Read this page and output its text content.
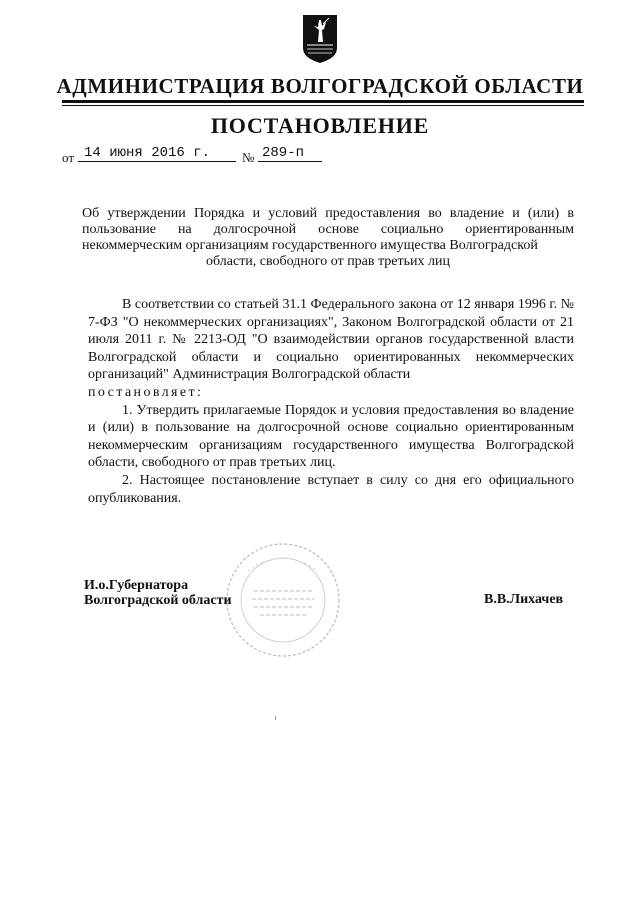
АДМИНИСТРАЦИЯ ВОЛГОГРАДСКОЙ ОБЛАСТИ
ПОСТАНОВЛЕНИЕ
от 14 июня 2016 г.	№ 289-п
Об утверждении Порядка и условий предоставления во владение и (или) в пользование на долгосрочной основе социально ориентированным некоммерческим организациям государственного имущества Волгоградской
области, свободного от прав третьих лиц

В соответствии со статьей 31.1 Федерального закона от 12 января 1996 г. № 7-ФЗ "О некоммерческих организациях", Законом Волгоградской области от 21 июля 2011 г. № 2213-ОД "О взаимодействии органов государственной власти Волгоградской области и социально ориентированных некоммерческих организаций" Администрация Волгоградской области

постановляет:

1. Утвердить прилагаемые Порядок и условия предоставления во владение и (или) в пользование на долгосрочной основе социально ориентированным некоммерческим организациям государственного имущества Волгоградской области, свободного от прав третьих лиц.

2. Настоящее постановление вступает в силу со дня его официального опубликования.

И.о.Губернатора
Волгоградской области	В.В.Лихачев
